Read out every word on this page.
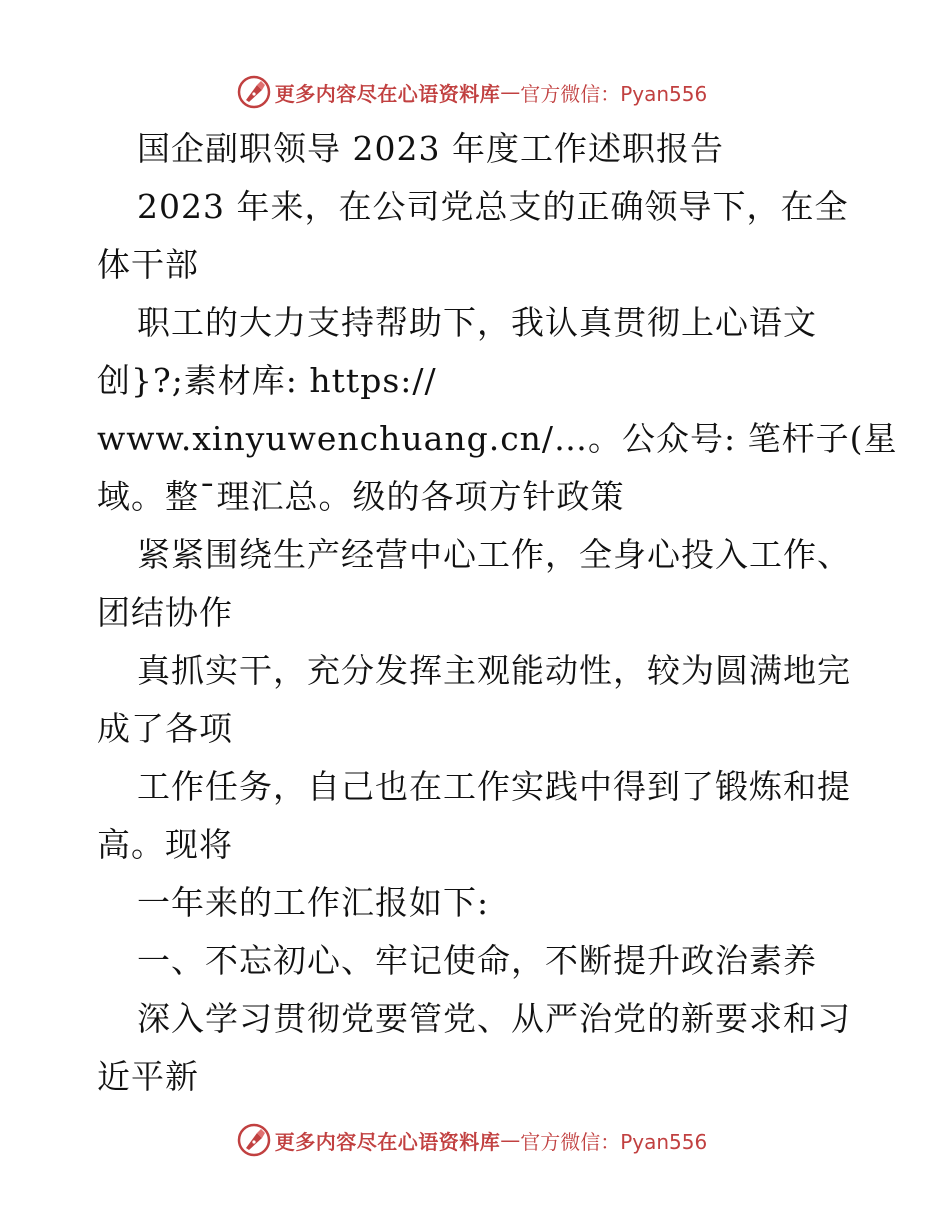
更多内容尽在心语资料库 — 官方微信：Pyan556
国企副职领导 2023 年度工作述职报告
2023 年来，在公司党总支的正确领导下，在全
体干部
职工的大力支持帮助下，我认真贯彻上心语文
创}?;素材库: https://
www.xinyuwenchuang.cn/…。公众号: 笔杆子(星
域。整¯理汇总。级的各项方针政策
紧紧围绕生产经营中心工作，全身心投入工作、
团结协作
真抓实干，充分发挥主观能动性，较为圆满地完
成了各项
工作任务，自己也在工作实践中得到了锻炼和提
高。现将
一年来的工作汇报如下:
一、不忘初心、牢记使命，不断提升政治素养
深入学习贯彻党要管党、从严治党的新要求和习
近平新
更多内容尽在心语资料库 — 官方微信：Pyan556
